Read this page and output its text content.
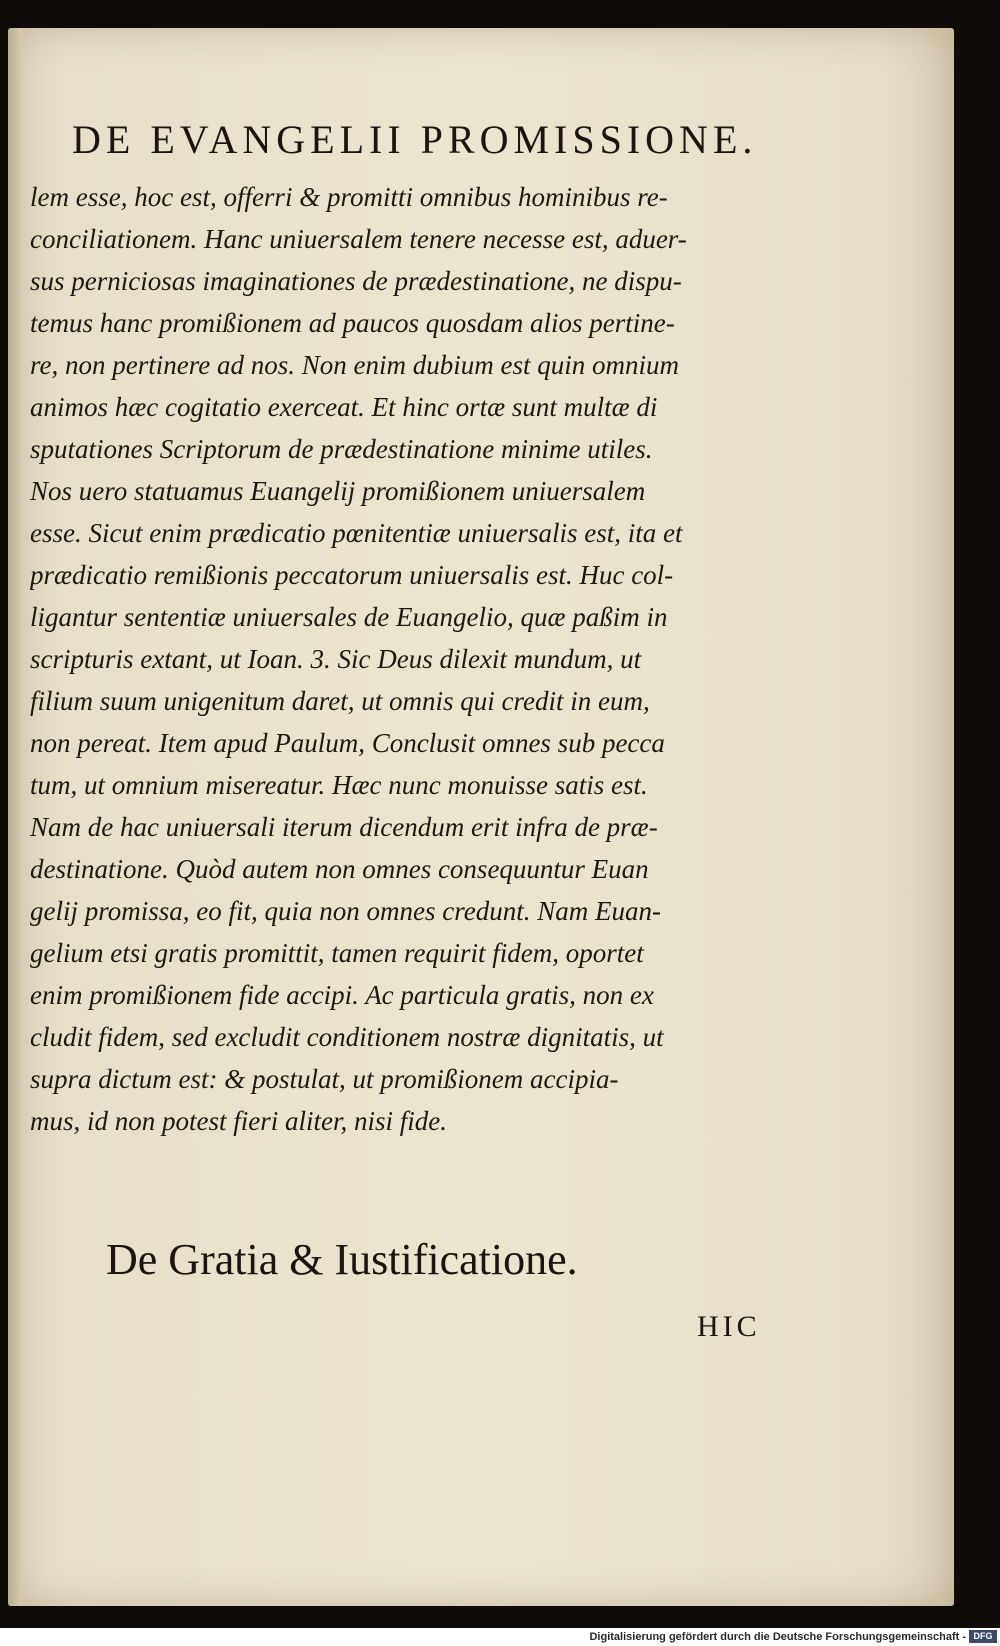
DE EVANGELII PROMISSIONE.
lem esse, hoc est, offerri & promitti omnibus hominibus re-
conciliationem. Hanc uniuersalem tenere necesse est, aduer-
sus perniciosas imaginationes de prædestinatione, ne dispu-
temus hanc promißionem ad paucos quosdam alios pertine-
re, non pertinere ad nos. Non enim dubium est quin omnium
animos hæc cogitatio exerceat. Et hinc ortæ sunt multæ di
sputationes Scriptorum de prædestinatione minime utiles.
Nos uero statuamus Euangelij promißionem uniuersalem
esse. Sicut enim prædicatio pœnitentiæ uniuersalis est, ita et
prædicatio remißionis peccatorum uniuersalis est. Huc col-
ligantur sententiæ uniuersales de Euangelio, quæ paßim in
scripturis extant, ut Ioan. 3. Sic Deus dilexit mundum, ut
filium suum unigenitum daret, ut omnis qui credit in eum,
non pereat. Item apud Paulum, Conclusit omnes sub pecca
tum, ut omnium misereatur. Hæc nunc monuisse satis est.
Nam de hac uniuersali iterum dicendum erit infra de præ-
destinatione. Quòd autem non omnes consequuntur Euan
gelij promissa, eo fit, quia non omnes credunt. Nam Euan-
gelium etsi gratis promittit, tamen requirit fidem, oportet
enim promißionem fide accipi. Ac particula gratis, non ex
cludit fidem, sed excludit conditionem nostræ dignitatis, ut
supra dictum est: & postulat, ut promißionem accipia-
mus, id non potest fieri aliter, nisi fide.
De Gratia & Iustificatione.
HIC
Digitalisierung gefördert durch die Deutsche Forschungsgemeinschaft - DFG
